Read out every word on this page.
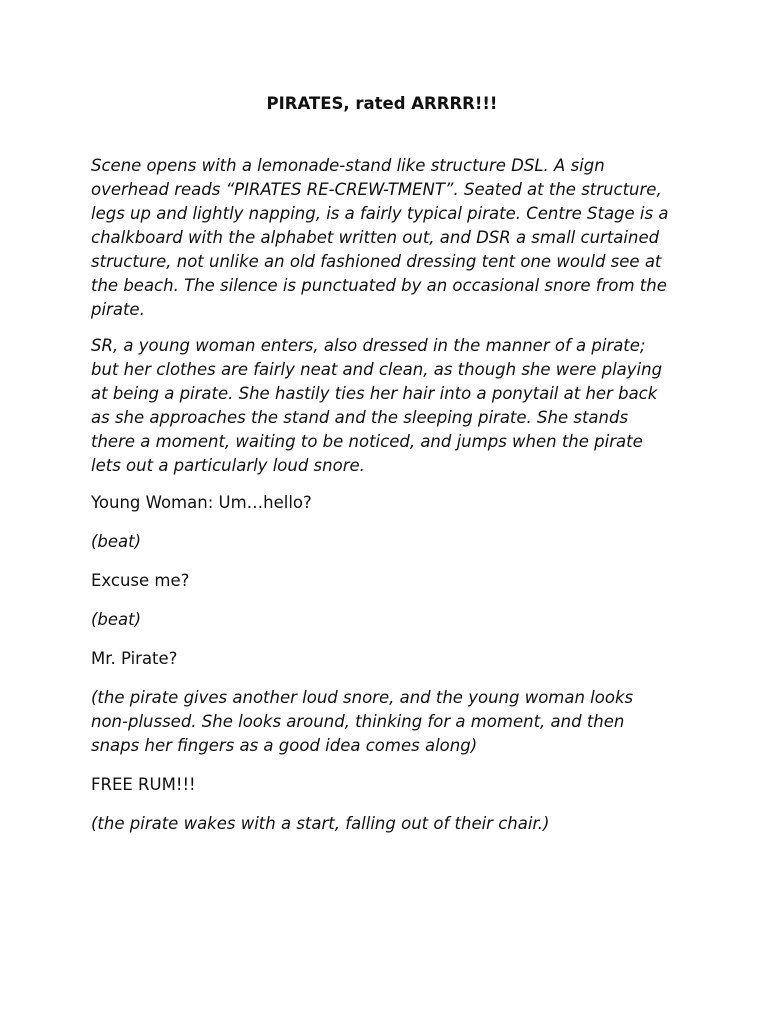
PIRATES, rated ARRRR!!!

Scene opens with a lemonade-stand like structure DSL. A sign overhead reads “PIRATES RE-CREW-TMENT”. Seated at the structure, legs up and lightly napping, is a fairly typical pirate. Centre Stage is a chalkboard with the alphabet written out, and DSR a small curtained structure, not unlike an old fashioned dressing tent one would see at the beach. The silence is punctuated by an occasional snore from the pirate.

SR, a young woman enters, also dressed in the manner of a pirate; but her clothes are fairly neat and clean, as though she were playing at being a pirate. She hastily ties her hair into a ponytail at her back as she approaches the stand and the sleeping pirate. She stands there a moment, waiting to be noticed, and jumps when the pirate lets out a particularly loud snore.

Young Woman: Um…hello?

(beat)

Excuse me?

(beat)

Mr. Pirate?

(the pirate gives another loud snore, and the young woman looks non-plussed. She looks around, thinking for a moment, and then snaps her fingers as a good idea comes along)

FREE RUM!!!

(the pirate wakes with a start, falling out of their chair.)
